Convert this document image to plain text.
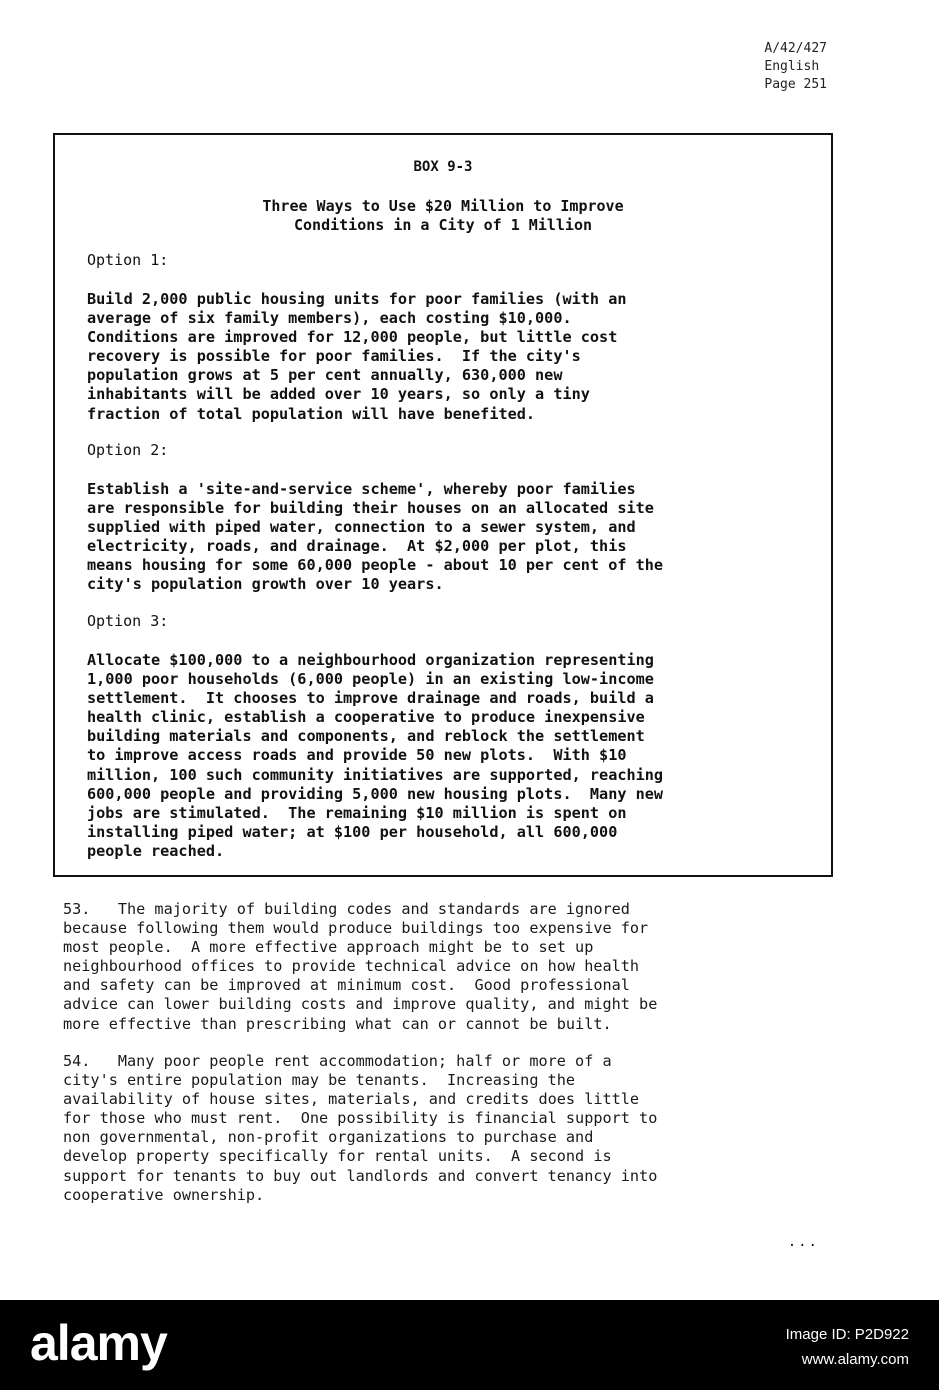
A/42/427
English
Page 251
BOX 9-3
Three Ways to Use $20 Million to Improve
Conditions in a City of 1 Million
Option 1:
Build 2,000 public housing units for poor families (with an
average of six family members), each costing $10,000.
Conditions are improved for 12,000 people, but little cost
recovery is possible for poor families.  If the city's
population grows at 5 per cent annually, 630,000 new
inhabitants will be added over 10 years, so only a tiny
fraction of total population will have benefited.
Option 2:
Establish a 'site-and-service scheme', whereby poor families
are responsible for building their houses on an allocated site
supplied with piped water, connection to a sewer system, and
electricity, roads, and drainage.  At $2,000 per plot, this
means housing for some 60,000 people - about 10 per cent of the
city's population growth over 10 years.
Option 3:
Allocate $100,000 to a neighbourhood organization representing
1,000 poor households (6,000 people) in an existing low-income
settlement.  It chooses to improve drainage and roads, build a
health clinic, establish a cooperative to produce inexpensive
building materials and components, and reblock the settlement
to improve access roads and provide 50 new plots.  With $10
million, 100 such community initiatives are supported, reaching
600,000 people and providing 5,000 new housing plots.  Many new
jobs are stimulated.  The remaining $10 million is spent on
installing piped water; at $100 per household, all 600,000
people reached.
53.   The majority of building codes and standards are ignored
because following them would produce buildings too expensive for
most people.  A more effective approach might be to set up
neighbourhood offices to provide technical advice on how health
and safety can be improved at minimum cost.  Good professional
advice can lower building costs and improve quality, and might be
more effective than prescribing what can or cannot be built.
54.   Many poor people rent accommodation; half or more of a
city's entire population may be tenants.  Increasing the
availability of house sites, materials, and credits does little
for those who must rent.  One possibility is financial support to
non governmental, non-profit organizations to purchase and
develop property specifically for rental units.  A second is
support for tenants to buy out landlords and convert tenancy into
cooperative ownership.
...
alamy	Image ID: P2D922
www.alamy.com
